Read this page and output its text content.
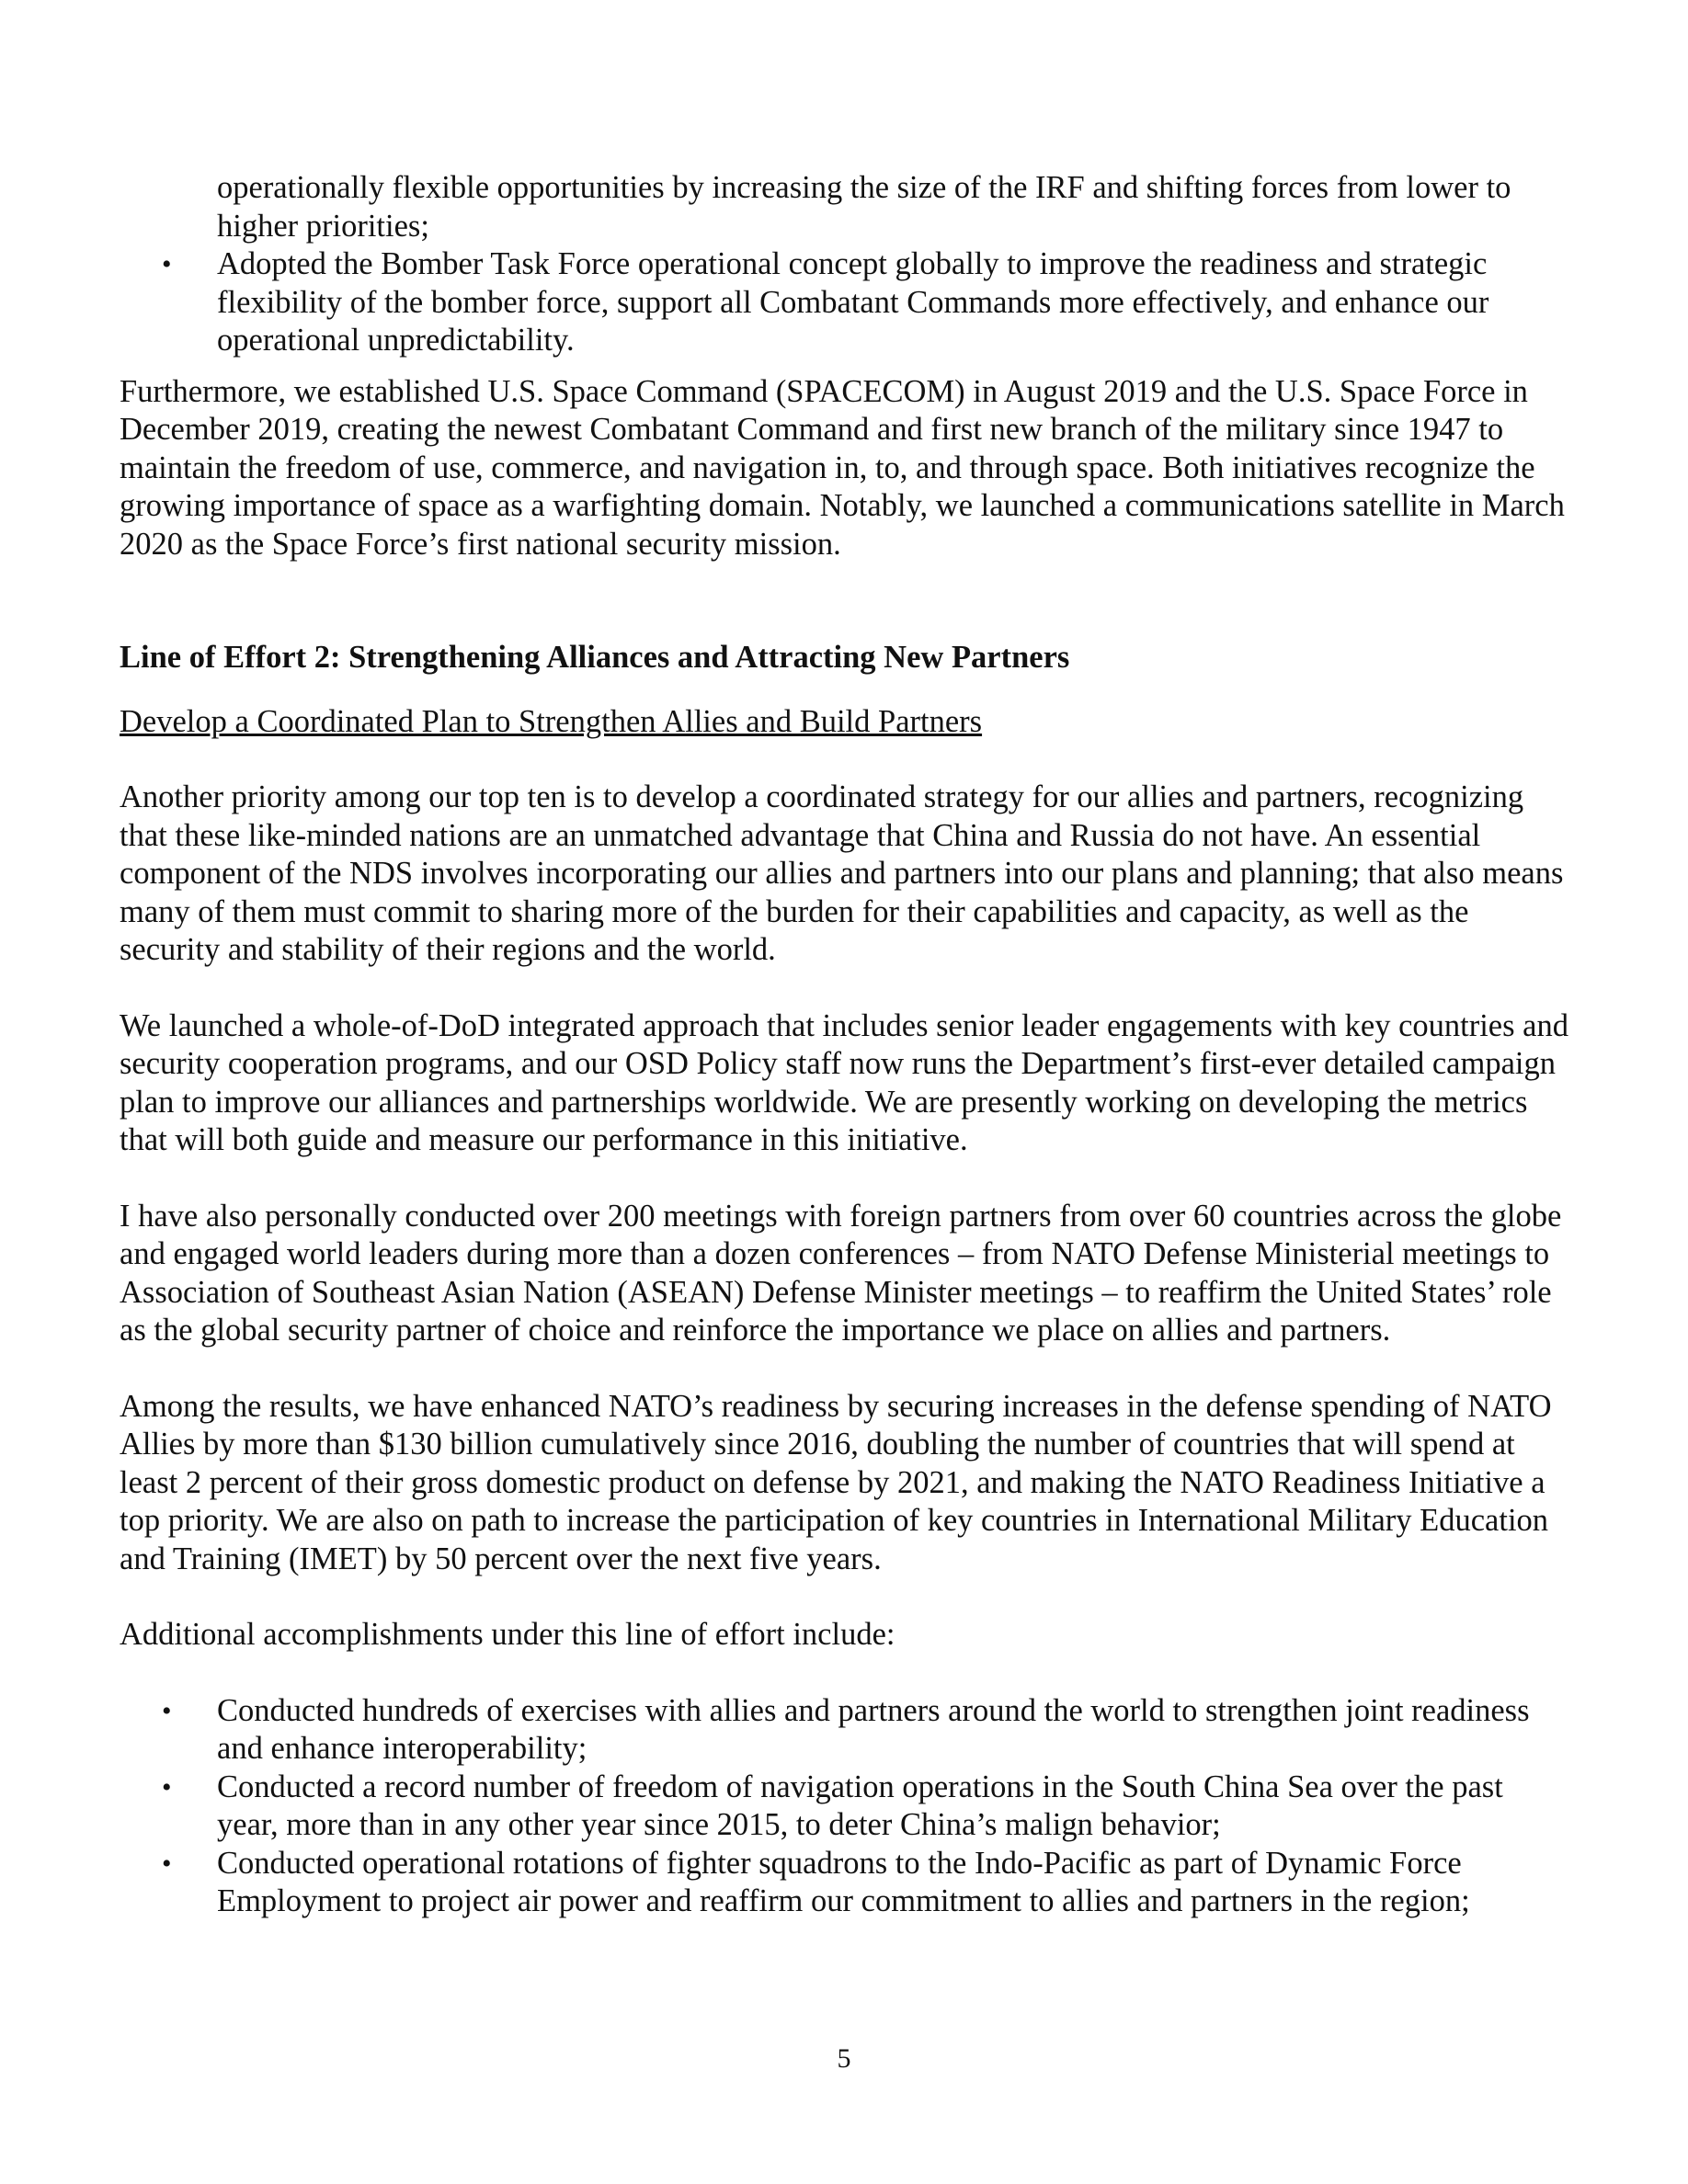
operationally flexible opportunities by increasing the size of the IRF and shifting forces from lower to higher priorities;

• Adopted the Bomber Task Force operational concept globally to improve the readiness and strategic flexibility of the bomber force, support all Combatant Commands more effectively, and enhance our operational unpredictability.

Furthermore, we established U.S. Space Command (SPACECOM) in August 2019 and the U.S. Space Force in December 2019, creating the newest Combatant Command and first new branch of the military since 1947 to maintain the freedom of use, commerce, and navigation in, to, and through space. Both initiatives recognize the growing importance of space as a warfighting domain. Notably, we launched a communications satellite in March 2020 as the Space Force’s first national security mission.

Line of Effort 2: Strengthening Alliances and Attracting New Partners

Develop a Coordinated Plan to Strengthen Allies and Build Partners

Another priority among our top ten is to develop a coordinated strategy for our allies and partners, recognizing that these like-minded nations are an unmatched advantage that China and Russia do not have. An essential component of the NDS involves incorporating our allies and partners into our plans and planning; that also means many of them must commit to sharing more of the burden for their capabilities and capacity, as well as the security and stability of their regions and the world.

We launched a whole-of-DoD integrated approach that includes senior leader engagements with key countries and security cooperation programs, and our OSD Policy staff now runs the Department’s first-ever detailed campaign plan to improve our alliances and partnerships worldwide. We are presently working on developing the metrics that will both guide and measure our performance in this initiative.

I have also personally conducted over 200 meetings with foreign partners from over 60 countries across the globe and engaged world leaders during more than a dozen conferences – from NATO Defense Ministerial meetings to Association of Southeast Asian Nation (ASEAN) Defense Minister meetings – to reaffirm the United States’ role as the global security partner of choice and reinforce the importance we place on allies and partners.

Among the results, we have enhanced NATO’s readiness by securing increases in the defense spending of NATO Allies by more than $130 billion cumulatively since 2016, doubling the number of countries that will spend at least 2 percent of their gross domestic product on defense by 2021, and making the NATO Readiness Initiative a top priority. We are also on path to increase the participation of key countries in International Military Education and Training (IMET) by 50 percent over the next five years.

Additional accomplishments under this line of effort include:

• Conducted hundreds of exercises with allies and partners around the world to strengthen joint readiness and enhance interoperability;
• Conducted a record number of freedom of navigation operations in the South China Sea over the past year, more than in any other year since 2015, to deter China’s malign behavior;
• Conducted operational rotations of fighter squadrons to the Indo-Pacific as part of Dynamic Force Employment to project air power and reaffirm our commitment to allies and partners in the region;
5
